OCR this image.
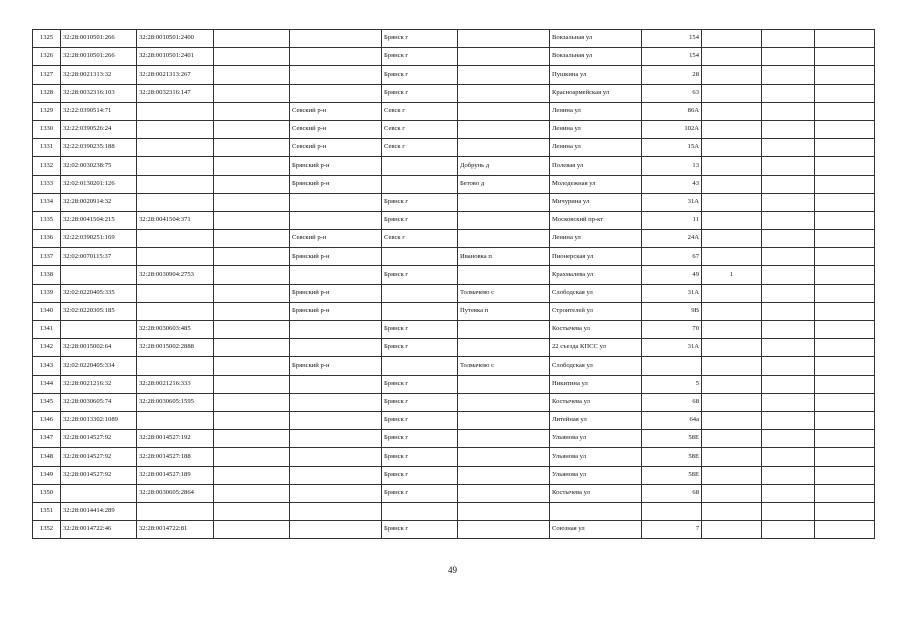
1325	32:28:0010501:266	32:28:0010501:2400			Брянск г		Вокзальная ул	154			
1326	32:28:0010501:266	32:28:0010501:2401			Брянск г		Вокзальная ул	154			
1327	32:28:0021313:32	32:28:0021313:267			Брянск г		Пушкина ул	28			
1328	32:28:0032316:103	32:28:0032316:147			Брянск г		Красноармейская ул	63			
1329	32:22:0390514:71			Севский р-н	Севск г		Ленина ул	86А			
1330	32:22:0390526:24			Севский р-н	Севск г		Ленина ул	102А			
1331	32:22:0390235:188			Севский р-н	Севск г		Ленина ул	15А			
1332	32:02:0030238:75			Брянский р-н		Добрунь д	Полевая ул	13			
1333	32:02:0130201:126			Брянский р-н		Бетово д	Молодежная ул	43			
1334	32:28:0020914:32				Брянск г		Мичурина ул	31А			
1335	32:28:0041504:215	32:28:0041504:371			Брянск г		Московский пр-кт	11			
1336	32:22:0390251:169			Севский р-н	Севск г		Ленина ул	24А			
1337	32:02:0070115:37			Брянский р-н		Ивановка п	Пионерская ул	67			
1338		32:28:0030904:2753			Брянск г		Крахмалева ул	49	1		
1339	32:02:0220405:335			Брянский р-н		Толмачево с	Слободская ул	31А			
1340	32:02:0220305:185			Брянский р-н		Путевка п	Строителей ул	9В			
1341		32:28:0030603:485			Брянск г		Костычева ул	70			
1342	32:28:0015002:64	32:28:0015002:2888			Брянск г		22 съезда КПСС ул	31А			
1343	32:02:0220405:334			Брянский р-н		Толмачево с	Слободская ул				
1344	32:28:0021216:32	32:28:0021216:333			Брянск г		Никитина ул	5			
1345	32:28:0030605:74	32:28:0030605:1595			Брянск г		Костычева ул	68			
1346	32:28:0013302:1089				Брянск г		Литейная ул	64а			
1347	32:28:0014527:92	32:28:0014527:192			Брянск г		Ульянова ул	58Е			
1348	32:28:0014527:92	32:28:0014527:188			Брянск г		Ульянова ул	58Е			
1349	32:28:0014527:92	32:28:0014527:189			Брянск г		Ульянова ул	58Е			
1350		32:28:0030605:2864			Брянск г		Костычева ул	68			
1351	32:28:0014414:289										
1352	32:28:0014722:46	32:28:0014722:81			Брянск г		Союзная ул	7			
49
